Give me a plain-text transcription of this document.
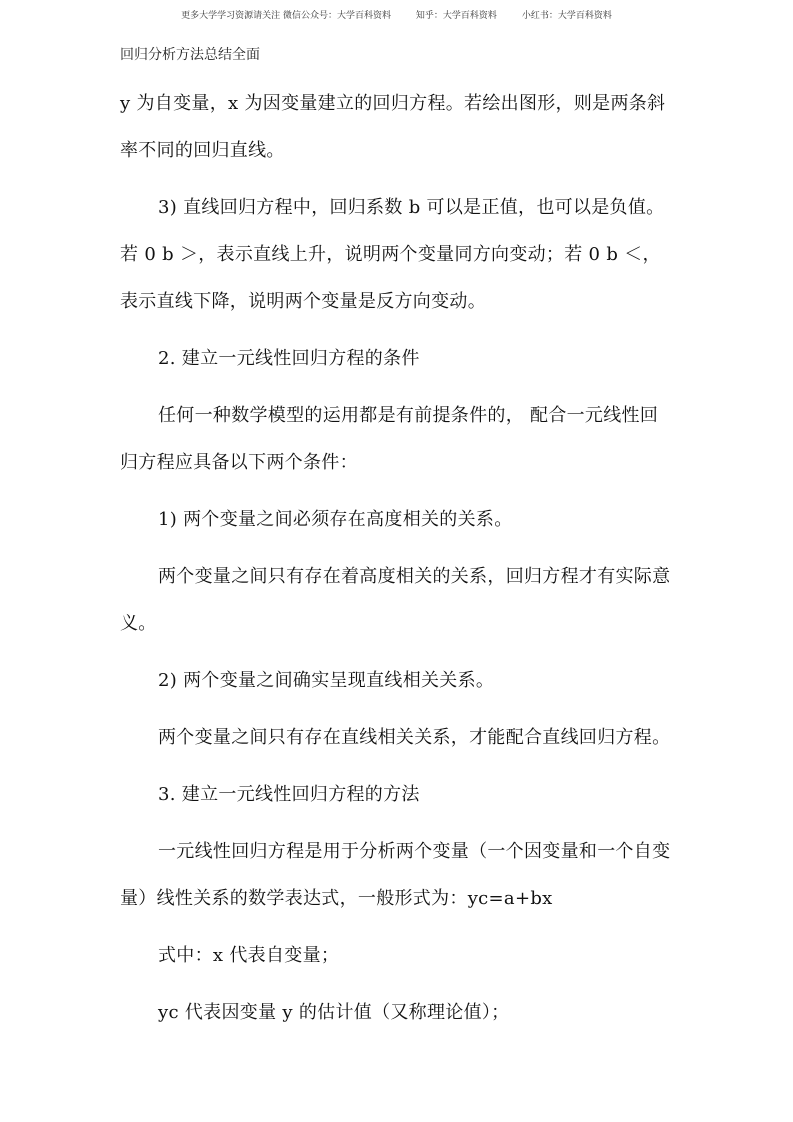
更多大学学习资源请关注 微信公众号：大学百科资料	知乎：大学百科资料	小红书：大学百科资料
回归分析方法总结全面

y 为自变量，x 为因变量建立的回归方程。若绘出图形，则是两条斜率不同的回归直线。

3) 直线回归方程中，回归系数 b 可以是正值，也可以是负值。若 0 b ＞，表示直线上升，说明两个变量同方向变动；若 0 b ＜，表示直线下降，说明两个变量是反方向变动。

2. 建立一元线性回归方程的条件

任何一种数学模型的运用都是有前提条件的， 配合一元线性回归方程应具备以下两个条件：

1) 两个变量之间必须存在高度相关的关系。

两个变量之间只有存在着高度相关的关系，回归方程才有实际意义。

2) 两个变量之间确实呈现直线相关关系。

两个变量之间只有存在直线相关关系，才能配合直线回归方程。

3. 建立一元线性回归方程的方法

一元线性回归方程是用于分析两个变量（一个因变量和一个自变量）线性关系的数学表达式，一般形式为：yc=a+bx

式中：x 代表自变量；

yc 代表因变量 y 的估计值（又称理论值）；
